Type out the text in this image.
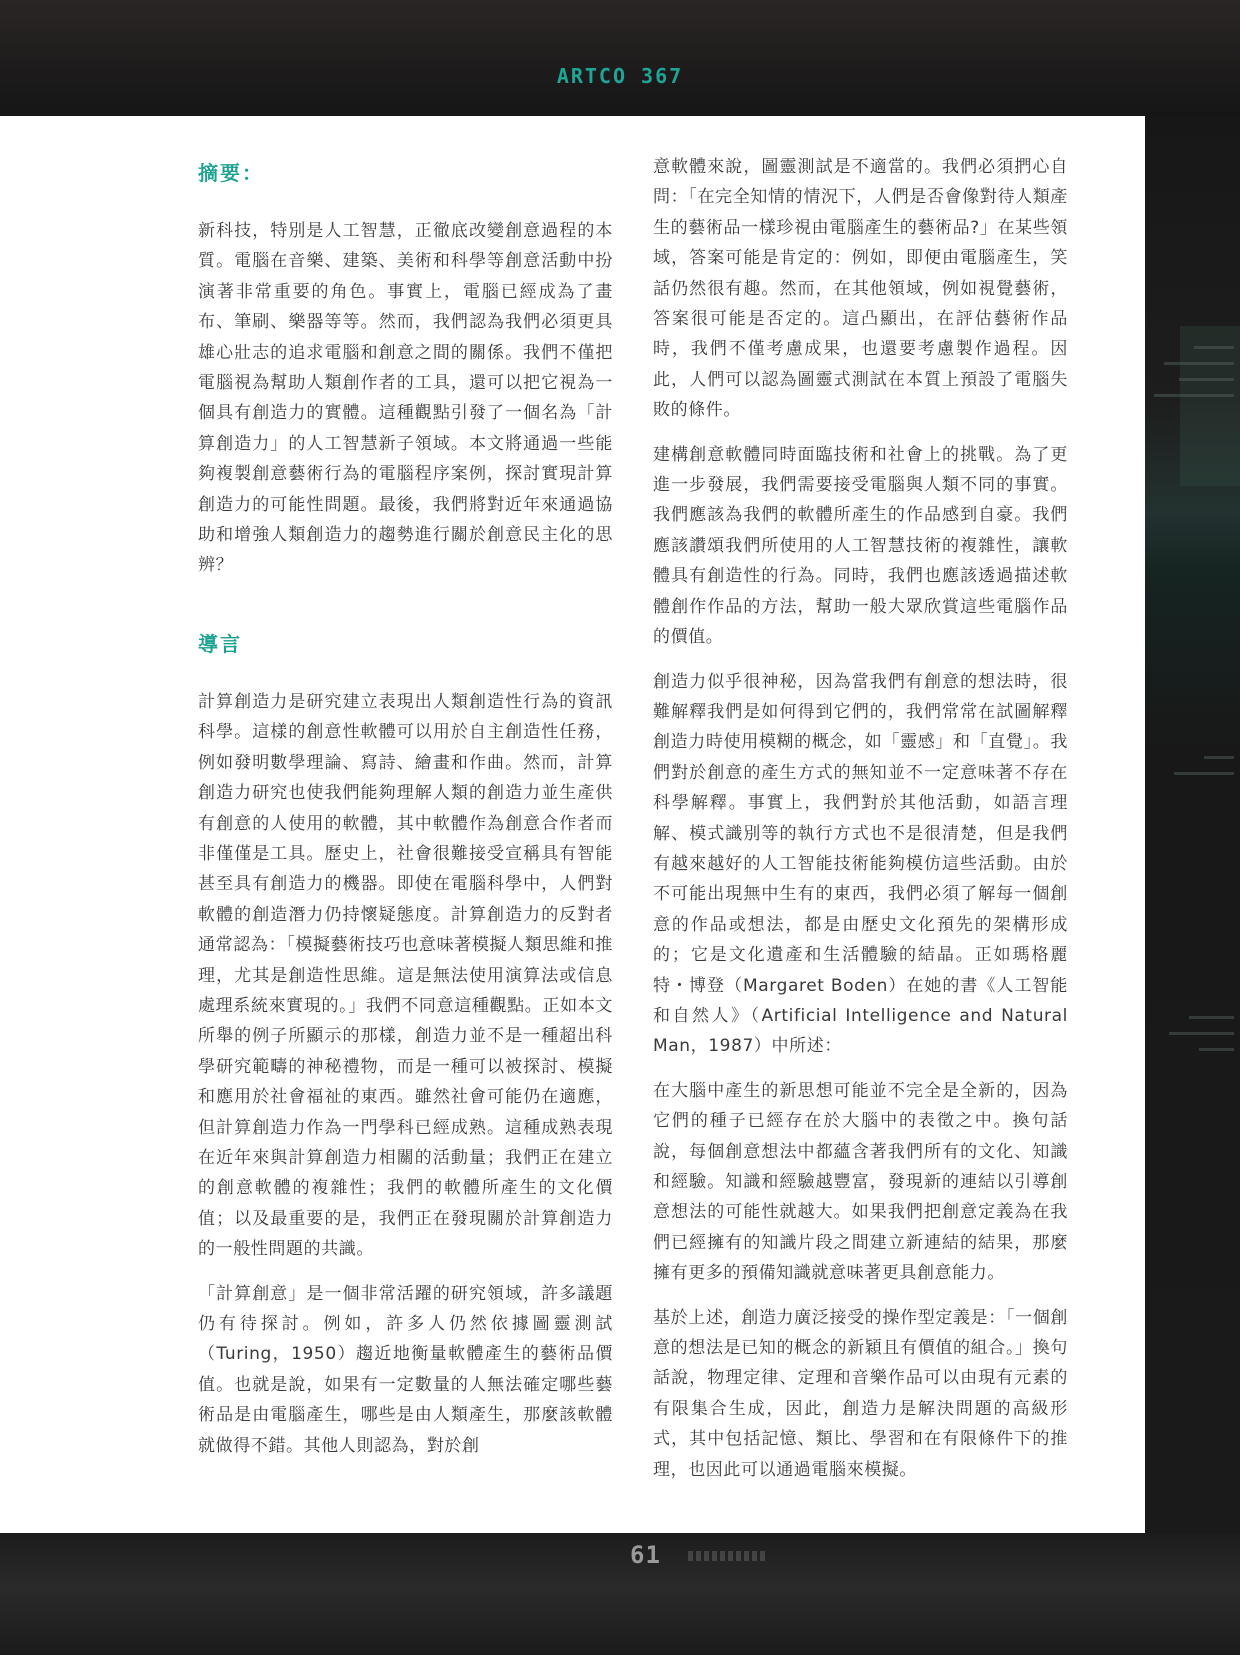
ARTCO 367
摘要：

新科技，特別是人工智慧，正徹底改變創意過程的本質。電腦在音樂、建築、美術和科學等創意活動中扮演著非常重要的角色。事實上，電腦已經成為了畫布、筆刷、樂器等等。然而，我們認為我們必須更具雄心壯志的追求電腦和創意之間的關係。我們不僅把電腦視為幫助人類創作者的工具，還可以把它視為一個具有創造力的實體。這種觀點引發了一個名為「計算創造力」的人工智慧新子領域。本文將通過一些能夠複製創意藝術行為的電腦程序案例，探討實現計算創造力的可能性問題。最後，我們將對近年來通過協助和增強人類創造力的趨勢進行關於創意民主化的思辨？

導言

計算創造力是研究建立表現出人類創造性行為的資訊科學。這樣的創意性軟體可以用於自主創造性任務，例如發明數學理論、寫詩、繪畫和作曲。然而，計算創造力研究也使我們能夠理解人類的創造力並生產供有創意的人使用的軟體，其中軟體作為創意合作者而非僅僅是工具。歷史上，社會很難接受宣稱具有智能甚至具有創造力的機器。即使在電腦科學中，人們對軟體的創造潛力仍持懷疑態度。計算創造力的反對者通常認為：「模擬藝術技巧也意味著模擬人類思維和推理，尤其是創造性思維。這是無法使用演算法或信息處理系統來實現的。」我們不同意這種觀點。正如本文所舉的例子所顯示的那樣，創造力並不是一種超出科學研究範疇的神秘禮物，而是一種可以被探討、模擬和應用於社會福祉的東西。雖然社會可能仍在適應，但計算創造力作為一門學科已經成熟。這種成熟表現在近年來與計算創造力相關的活動量；我們正在建立的創意軟體的複雜性；我們的軟體所產生的文化價值；以及最重要的是，我們正在發現關於計算創造力的一般性問題的共識。

「計算創意」是一個非常活躍的研究領域，許多議題仍有待探討。例如，許多人仍然依據圖靈測試（Turing，1950）趨近地衡量軟體產生的藝術品價值。也就是說，如果有一定數量的人無法確定哪些藝術品是由電腦產生，哪些是由人類產生，那麼該軟體就做得不錯。其他人則認為，對於創

意軟體來說，圖靈測試是不適當的。我們必須捫心自問：「在完全知情的情況下，人們是否會像對待人類產生的藝術品一樣珍視由電腦產生的藝術品?」在某些領域，答案可能是肯定的：例如，即便由電腦產生，笑話仍然很有趣。然而，在其他領域，例如視覺藝術，答案很可能是否定的。這凸顯出，在評估藝術作品時，我們不僅考慮成果，也還要考慮製作過程。因此，人們可以認為圖靈式測試在本質上預設了電腦失敗的條件。

建構創意軟體同時面臨技術和社會上的挑戰。為了更進一步發展，我們需要接受電腦與人類不同的事實。我們應該為我們的軟體所產生的作品感到自豪。我們應該讚頌我們所使用的人工智慧技術的複雜性，讓軟體具有創造性的行為。同時，我們也應該透過描述軟體創作作品的方法，幫助一般大眾欣賞這些電腦作品的價值。

創造力似乎很神秘，因為當我們有創意的想法時，很難解釋我們是如何得到它們的，我們常常在試圖解釋創造力時使用模糊的概念，如「靈感」和「直覺」。我們對於創意的產生方式的無知並不一定意味著不存在科學解釋。事實上，我們對於其他活動，如語言理解、模式識別等的執行方式也不是很清楚，但是我們有越來越好的人工智能技術能夠模仿這些活動。由於不可能出現無中生有的東西，我們必須了解每一個創意的作品或想法，都是由歷史文化預先的架構形成的；它是文化遺產和生活體驗的結晶。正如瑪格麗特・博登（Margaret Boden）在她的書《人工智能和自然人》（Artificial Intelligence and Natural Man，1987）中所述：

在大腦中產生的新思想可能並不完全是全新的，因為它們的種子已經存在於大腦中的表徵之中。換句話說，每個創意想法中都蘊含著我們所有的文化、知識和經驗。知識和經驗越豐富，發現新的連結以引導創意想法的可能性就越大。如果我們把創意定義為在我們已經擁有的知識片段之間建立新連結的結果，那麼擁有更多的預備知識就意味著更具創意能力。

基於上述，創造力廣泛接受的操作型定義是：「一個創意的想法是已知的概念的新穎且有價值的組合。」換句話說，物理定律、定理和音樂作品可以由現有元素的有限集合生成，因此，創造力是解決問題的高級形式，其中包括記憶、類比、學習和在有限條件下的推理，也因此可以通過電腦來模擬。

61
